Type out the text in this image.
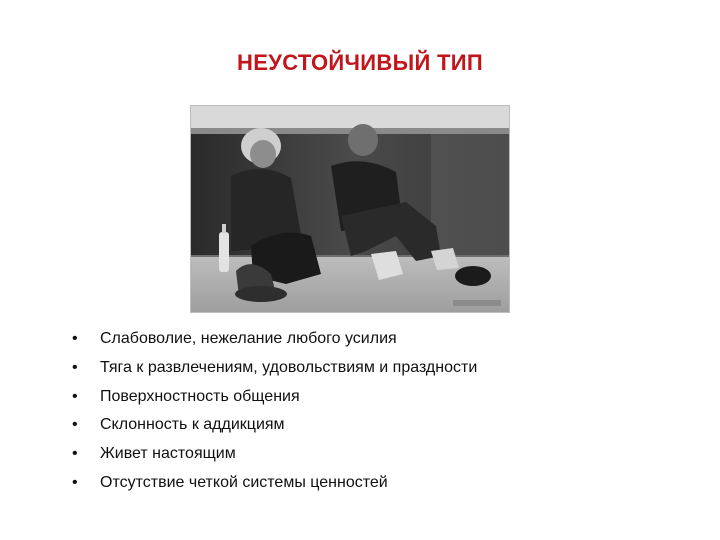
НЕУСТОЙЧИВЫЙ ТИП
• Слабоволие, нежелание любого усилия
• Тяга к развлечениям, удовольствиям и праздности
• Поверхностность общения
• Склонность к аддикциям
• Живет настоящим
• Отсутствие четкой системы ценностей
